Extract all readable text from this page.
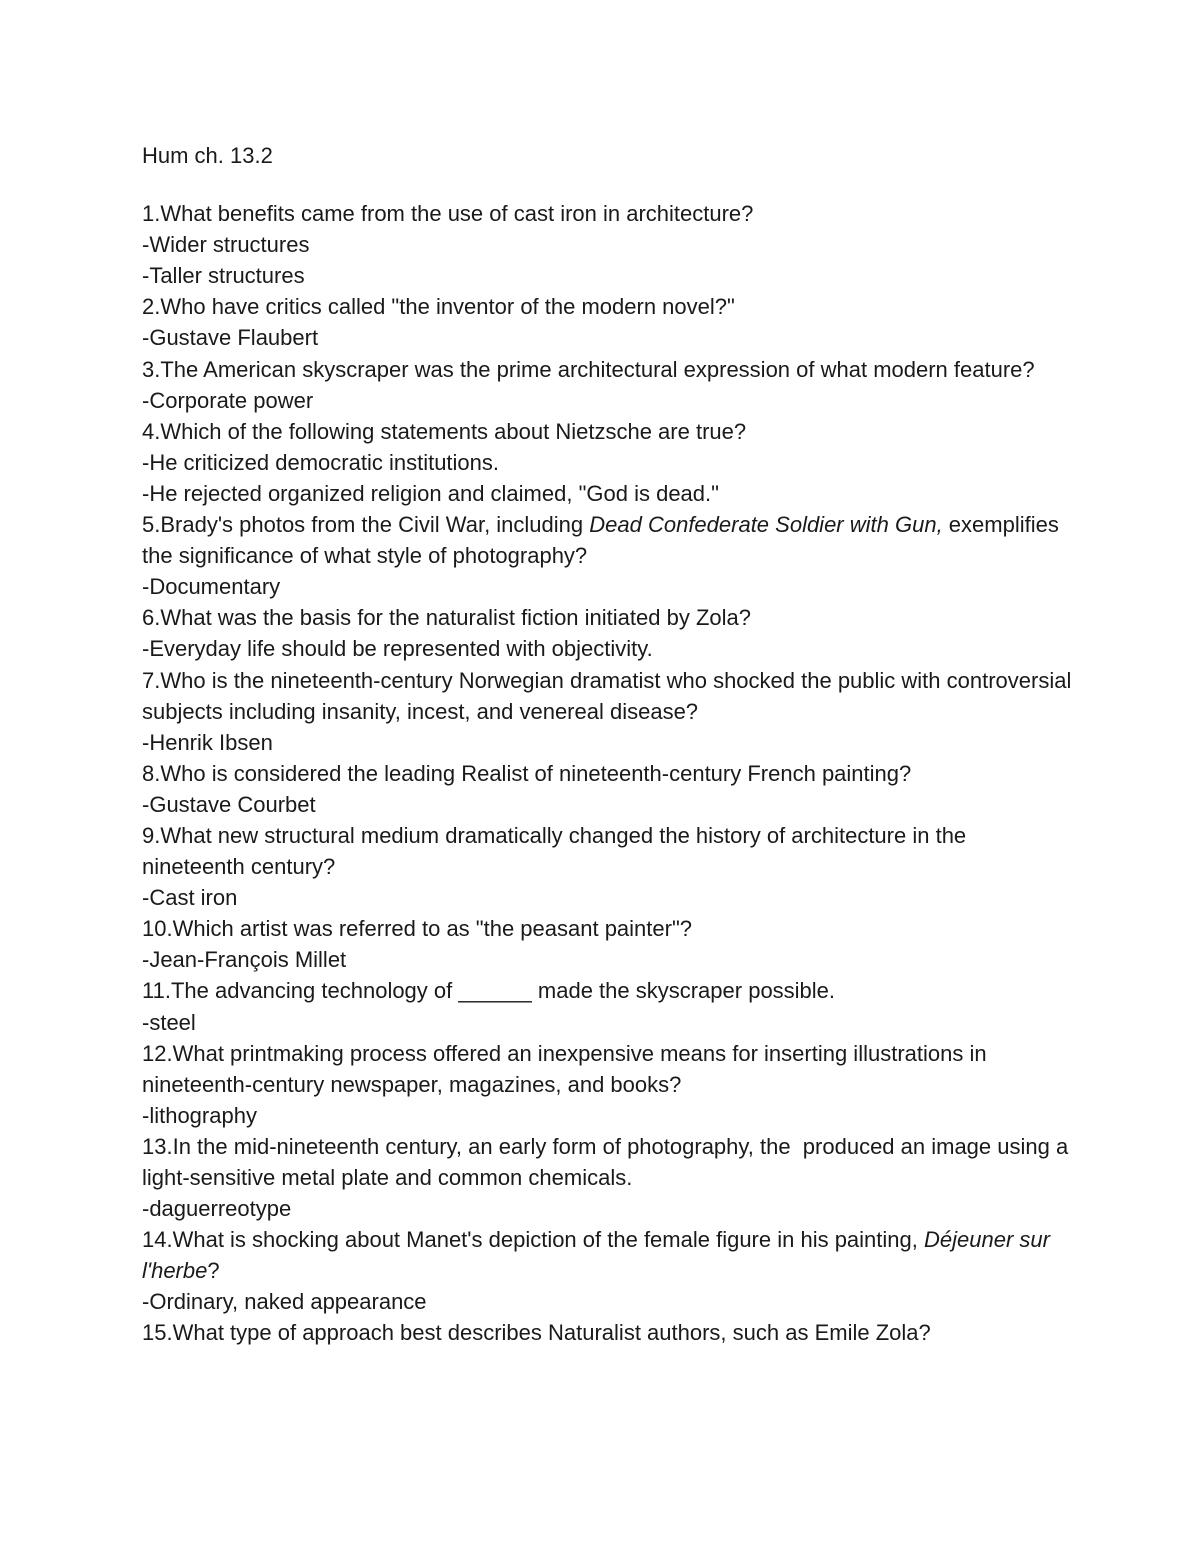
Hum ch. 13.2

1.What benefits came from the use of cast iron in architecture?

-Wider structures

-Taller structures

2.Who have critics called "the inventor of the modern novel?"

-Gustave Flaubert

3.The American skyscraper was the prime architectural expression of what modern feature?

-Corporate power

4.Which of the following statements about Nietzsche are true?

-He criticized democratic institutions.

-He rejected organized religion and claimed, "God is dead."

5.Brady's photos from the Civil War, including Dead Confederate Soldier with Gun, exemplifies the significance of what style of photography?

-Documentary

6.What was the basis for the naturalist fiction initiated by Zola?

-Everyday life should be represented with objectivity.

7.Who is the nineteenth-century Norwegian dramatist who shocked the public with controversial subjects including insanity, incest, and venereal disease?

-Henrik Ibsen

8.Who is considered the leading Realist of nineteenth-century French painting?

-Gustave Courbet

9.What new structural medium dramatically changed the history of architecture in the nineteenth century?

-Cast iron

10.Which artist was referred to as "the peasant painter"?

-Jean-François Millet

11.The advancing technology of ______ made the skyscraper possible.

-steel

12.What printmaking process offered an inexpensive means for inserting illustrations in nineteenth-century newspaper, magazines, and books?

-lithography

13.In the mid-nineteenth century, an early form of photography, the  produced an image using a light-sensitive metal plate and common chemicals.

-daguerreotype

14.What is shocking about Manet's depiction of the female figure in his painting, Déjeuner sur l'herbe?

-Ordinary, naked appearance

15.What type of approach best describes Naturalist authors, such as Emile Zola?
